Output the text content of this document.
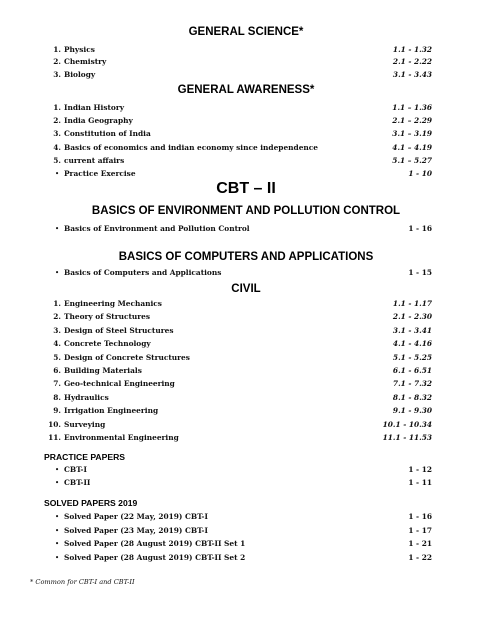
GENERAL SCIENCE*
1. Physics	1.1 - 1.32
2. Chemistry	2.1 - 2.22
3. Biology	3.1 - 3.43
GENERAL AWARENESS*
1. Indian History	1.1 – 1.36
2. India Geography	2.1 – 2.29
3. Constitution of India	3.1 – 3.19
4. Basics of economics and indian economy since independence	4.1 – 4.19
5. current affairs	5.1 – 5.27
• Practice Exercise	1 - 10
CBT – II
BASICS OF ENVIRONMENT AND POLLUTION CONTROL
• Basics of Environment and Pollution Control	1 - 16
BASICS OF COMPUTERS AND APPLICATIONS
• Basics of Computers and Applications	1 - 15
CIVIL
1. Engineering Mechanics	1.1 - 1.17
2. Theory of Structures	2.1 - 2.30
3. Design of Steel Structures	3.1 - 3.41
4. Concrete Technology	4.1 - 4.16
5. Design of Concrete Structures	5.1 - 5.25
6. Building Materials	6.1 - 6.51
7. Geo-technical Engineering	7.1 - 7.32
8. Hydraulics	8.1 - 8.32
9. Irrigation Engineering	9.1 - 9.30
10. Surveying	10.1 - 10.34
11. Environmental Engineering	11.1 - 11.53
PRACTICE PAPERS
• CBT-I	1 - 12
• CBT-II	1 - 11
SOLVED PAPERS 2019
• Solved Paper (22 May, 2019) CBT-I	1 - 16
• Solved Paper (23 May, 2019) CBT-I	1 - 17
• Solved Paper (28 August 2019) CBT-II Set 1	1 - 21
• Solved Paper (28 August 2019) CBT-II Set 2	1 - 22
* Common for CBT-I and CBT-II
